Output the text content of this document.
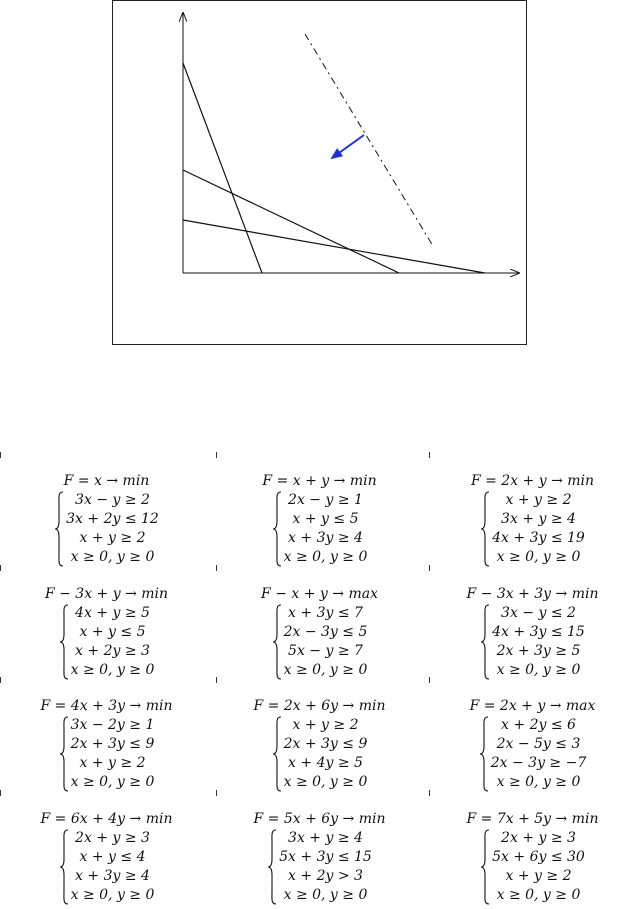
F = x → min
3x − y ≥ 2
3x + 2y ≤ 12
x + y ≥ 2
x ≥ 0, y ≥ 0
F = x + y → min
2x − y ≥ 1
x + y ≤ 5
x + 3y ≥ 4
x ≥ 0, y ≥ 0
F = 2x + y → min
x + y ≥ 2
3x + y ≥ 4
4x + 3y ≤ 19
x ≥ 0, y ≥ 0
F − 3x + y → min
4x + y ≥ 5
x + y ≤ 5
x + 2y ≥ 3
x ≥ 0, y ≥ 0
F − x + y → max
x + 3y ≤ 7
2x − 3y ≤ 5
5x − y ≥ 7
x ≥ 0, y ≥ 0
F − 3x + 3y → min
3x − y ≤ 2
4x + 3y ≤ 15
2x + 3y ≥ 5
x ≥ 0, y ≥ 0
F = 4x + 3y → min
3x − 2y ≥ 1
2x + 3y ≤ 9
x + y ≥ 2
x ≥ 0, y ≥ 0
F = 2x + 6y → min
x + y ≥ 2
2x + 3y ≤ 9
x + 4y ≥ 5
x ≥ 0, y ≥ 0
F = 2x + y → max
x + 2y ≤ 6
2x − 5y ≤ 3
2x − 3y ≥ −7
x ≥ 0, y ≥ 0
F = 6x + 4y → min
2x + y ≥ 3
x + y ≤ 4
x + 3y ≥ 4
x ≥ 0, y ≥ 0
F = 5x + 6y → min
3x + y ≥ 4
5x + 3y ≤ 15
x + 2y > 3
x ≥ 0, y ≥ 0
F = 7x + 5y → min
2x + y ≥ 3
5x + 6y ≤ 30
x + y ≥ 2
x ≥ 0, y ≥ 0
